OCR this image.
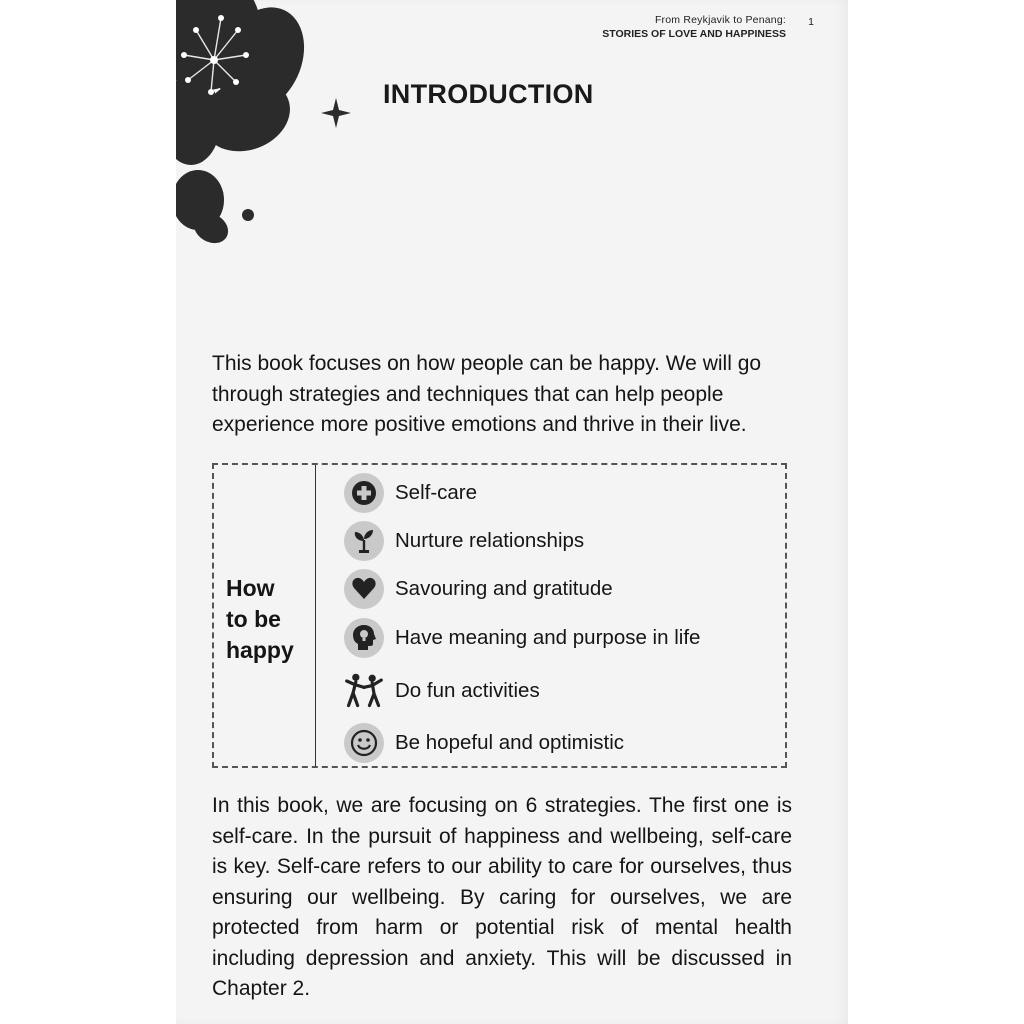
From Reykjavik to Penang:
STORIES OF LOVE AND HAPPINESS
1
INTRODUCTION

This book focuses on how people can be happy. We will go through strategies and techniques that can help people experience more positive emotions and thrive in their live.

How
to be
happy
Self-care
Nurture relationships
Savouring and gratitude
Have meaning and purpose in life
Do fun activities
Be hopeful and optimistic

In this book, we are focusing on 6 strategies. The first one is self-care. In the pursuit of happiness and wellbeing, self-care is key. Self-care refers to our ability to care for ourselves, thus ensuring our wellbeing. By caring for ourselves, we are protected from harm or potential risk of mental health including depression and anxiety. This will be discussed in Chapter 2.
